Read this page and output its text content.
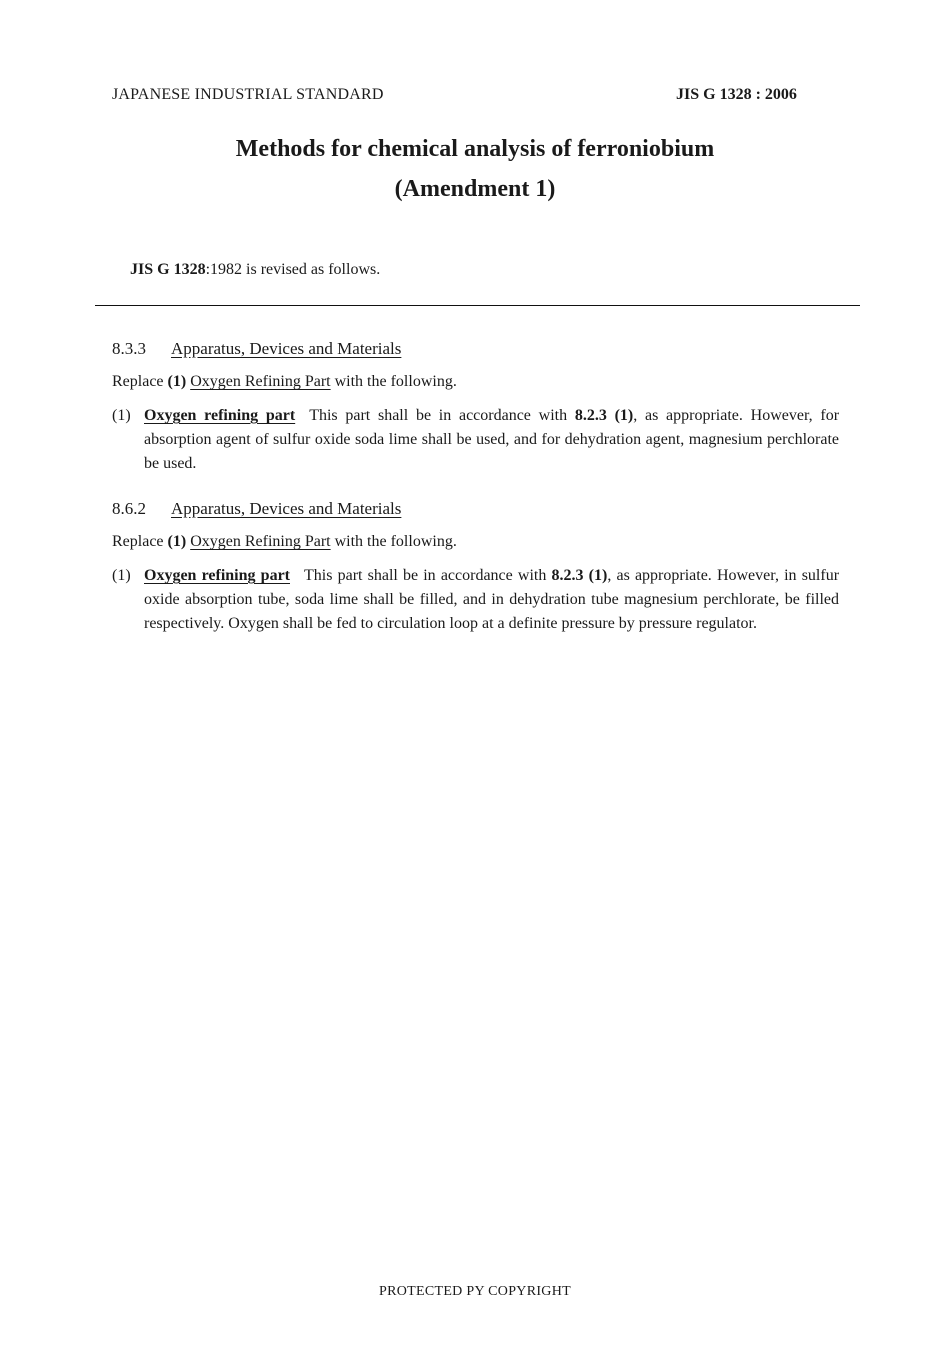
JAPANESE INDUSTRIAL STANDARD	JIS G 1328 : 2006
Methods for chemical analysis of ferroniobium
(Amendment 1)
JIS G 1328:1982 is revised as follows.
8.3.3 Apparatus, Devices and Materials
Replace (1) Oxygen Refining Part with the following.
(1) Oxygen refining part This part shall be in accordance with 8.2.3 (1), as appropriate. However, for absorption agent of sulfur oxide soda lime shall be used, and for dehydration agent, magnesium perchlorate be used.
8.6.2 Apparatus, Devices and Materials
Replace (1) Oxygen Refining Part with the following.
(1) Oxygen refining part This part shall be in accordance with 8.2.3 (1), as appropriate. However, in sulfur oxide absorption tube, soda lime shall be filled, and in dehydration tube magnesium perchlorate, be filled respectively. Oxygen shall be fed to circulation loop at a definite pressure by pressure regulator.
PROTECTED PY COPYRIGHT
